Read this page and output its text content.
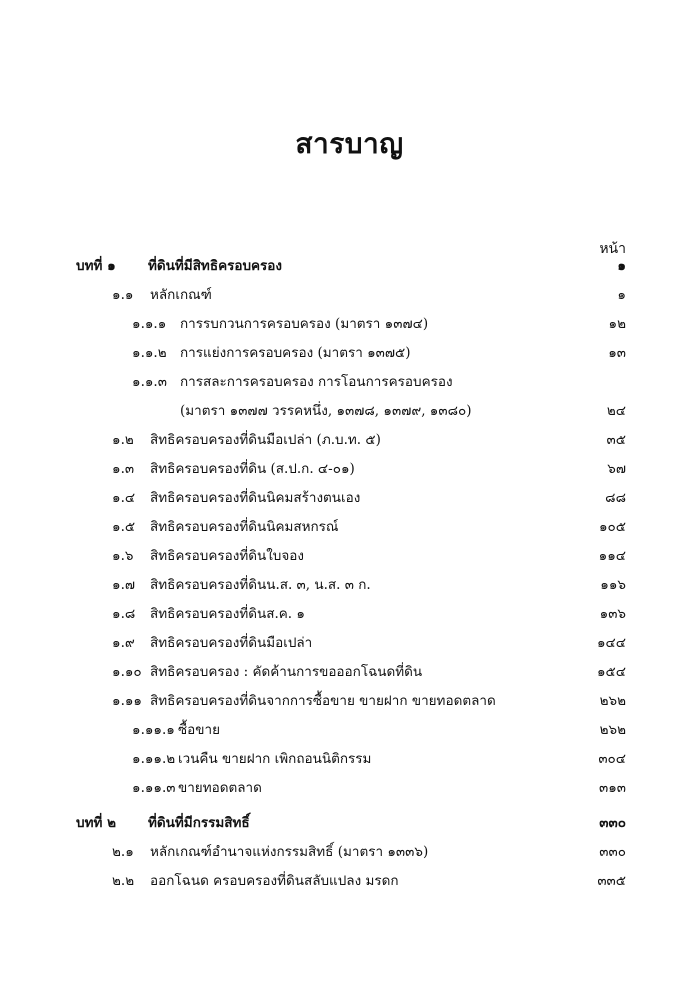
สารบาญ
หน้า
บทที่ ๑ ที่ดินที่มีสิทธิครอบครอง	๑
๑.๑ หลักเกณฑ์	๑
๑.๑.๑ การรบกวนการครอบครอง (มาตรา ๑๓๗๔)	๑๒
๑.๑.๒ การแย่งการครอบครอง (มาตรา ๑๓๗๕)	๑๓
๑.๑.๓ การสละการครอบครอง การโอนการครอบครอง
(มาตรา ๑๓๗๗ วรรคหนึ่ง, ๑๓๗๘, ๑๓๗๙, ๑๓๘๐)	๒๔
๑.๒ สิทธิครอบครองที่ดินมือเปล่า (ภ.บ.ท. ๕)	๓๕
๑.๓ สิทธิครอบครองที่ดิน (ส.ป.ก. ๔-๐๑)	๖๗
๑.๔ สิทธิครอบครองที่ดินนิคมสร้างตนเอง	๘๘
๑.๕ สิทธิครอบครองที่ดินนิคมสหกรณ์	๑๐๕
๑.๖ สิทธิครอบครองที่ดินใบจอง	๑๑๔
๑.๗ สิทธิครอบครองที่ดินน.ส. ๓, น.ส. ๓ ก.	๑๑๖
๑.๘ สิทธิครอบครองที่ดินส.ค. ๑	๑๓๖
๑.๙ สิทธิครอบครองที่ดินมือเปล่า	๑๔๔
๑.๑๐ สิทธิครอบครอง : คัดค้านการขอออกโฉนดที่ดิน	๑๕๔
๑.๑๑ สิทธิครอบครองที่ดินจากการซื้อขาย ขายฝาก ขายทอดตลาด	๒๖๒
๑.๑๑.๑ ซื้อขาย	๒๖๒
๑.๑๑.๒ เวนคืน ขายฝาก เพิกถอนนิติกรรม	๓๐๔
๑.๑๑.๓ ขายทอดตลาด	๓๑๓
บทที่ ๒ ที่ดินที่มีกรรมสิทธิ์	๓๓๐
๒.๑ หลักเกณฑ์อำนาจแห่งกรรมสิทธิ์ (มาตรา ๑๓๓๖)	๓๓๐
๒.๒ ออกโฉนด ครอบครองที่ดินสลับแปลง มรดก	๓๓๕
